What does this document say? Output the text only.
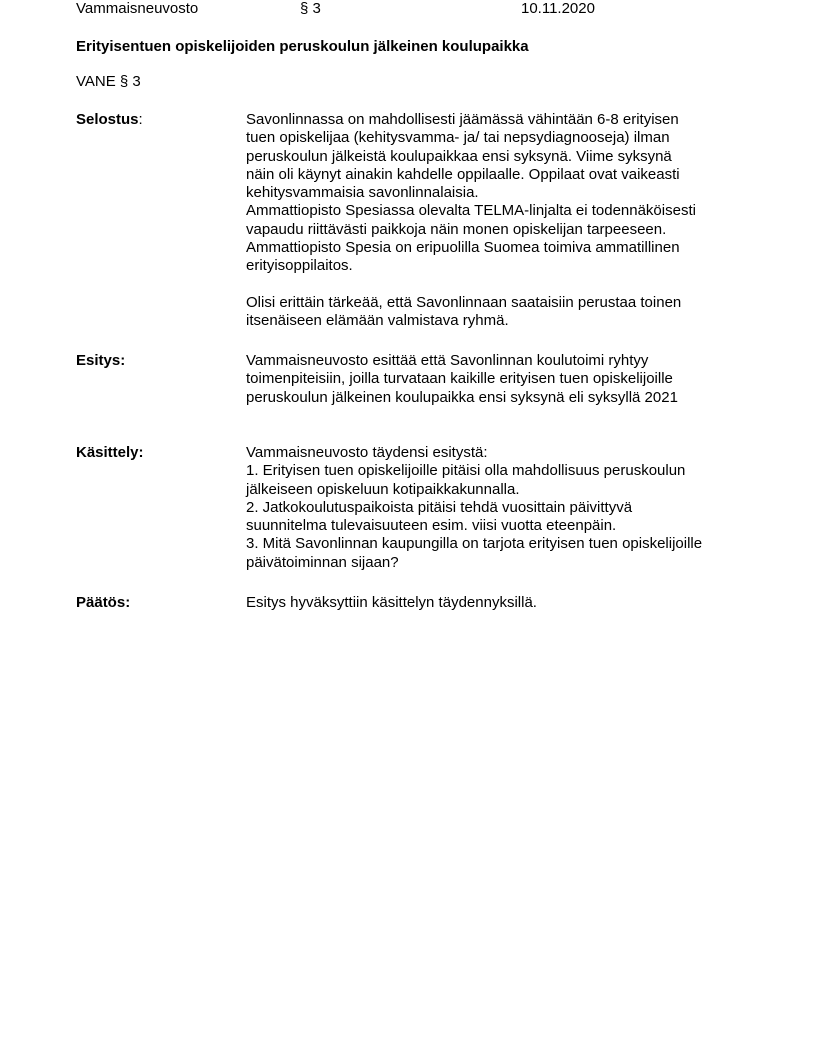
Vammaisneuvosto	§ 3	10.11.2020
Erityisentuen opiskelijoiden peruskoulun jälkeinen koulupaikka
VANE § 3
Selostus:	Savonlinnassa on mahdollisesti jäämässä vähintään 6-8 erityisen
tuen opiskelijaa (kehitysvamma- ja/ tai nepsydiagnooseja) ilman
peruskoulun jälkeistä koulupaikkaa ensi syksynä. Viime syksynä
näin oli käynyt ainakin kahdelle oppilaalle. Oppilaat ovat vaikeasti
kehitysvammaisia savonlinnalaisia.
Ammattiopisto Spesiassa olevalta TELMA-linjalta ei todennäköisesti
vapaudu riittävästi paikkoja näin monen opiskelijan tarpeeseen.
Ammattiopisto Spesia on eripuolilla Suomea toimiva ammatillinen
erityisoppilaitos.

Olisi erittäin tärkeää, että Savonlinnaan saataisiin perustaa toinen
itsenäiseen elämään valmistava ryhmä.

Esitys:	Vammaisneuvosto esittää että Savonlinnan koulutoimi ryhtyy
toimenpiteisiin, joilla turvataan kaikille erityisen tuen opiskelijoille
peruskoulun jälkeinen koulupaikka ensi syksynä eli syksyllä 2021

Käsittely:	Vammaisneuvosto täydensi esitystä:
1. Erityisen tuen opiskelijoille pitäisi olla mahdollisuus peruskoulun
jälkeiseen opiskeluun kotipaikkakunnalla.
2. Jatkokoulutuspaikoista pitäisi tehdä vuosittain päivittyvä
suunnitelma tulevaisuuteen esim. viisi vuotta eteenpäin.
3. Mitä Savonlinnan kaupungilla on tarjota erityisen tuen opiskelijoille
päivätoiminnan sijaan?

Päätös:	Esitys hyväksyttiin käsittelyn täydennyksillä.
